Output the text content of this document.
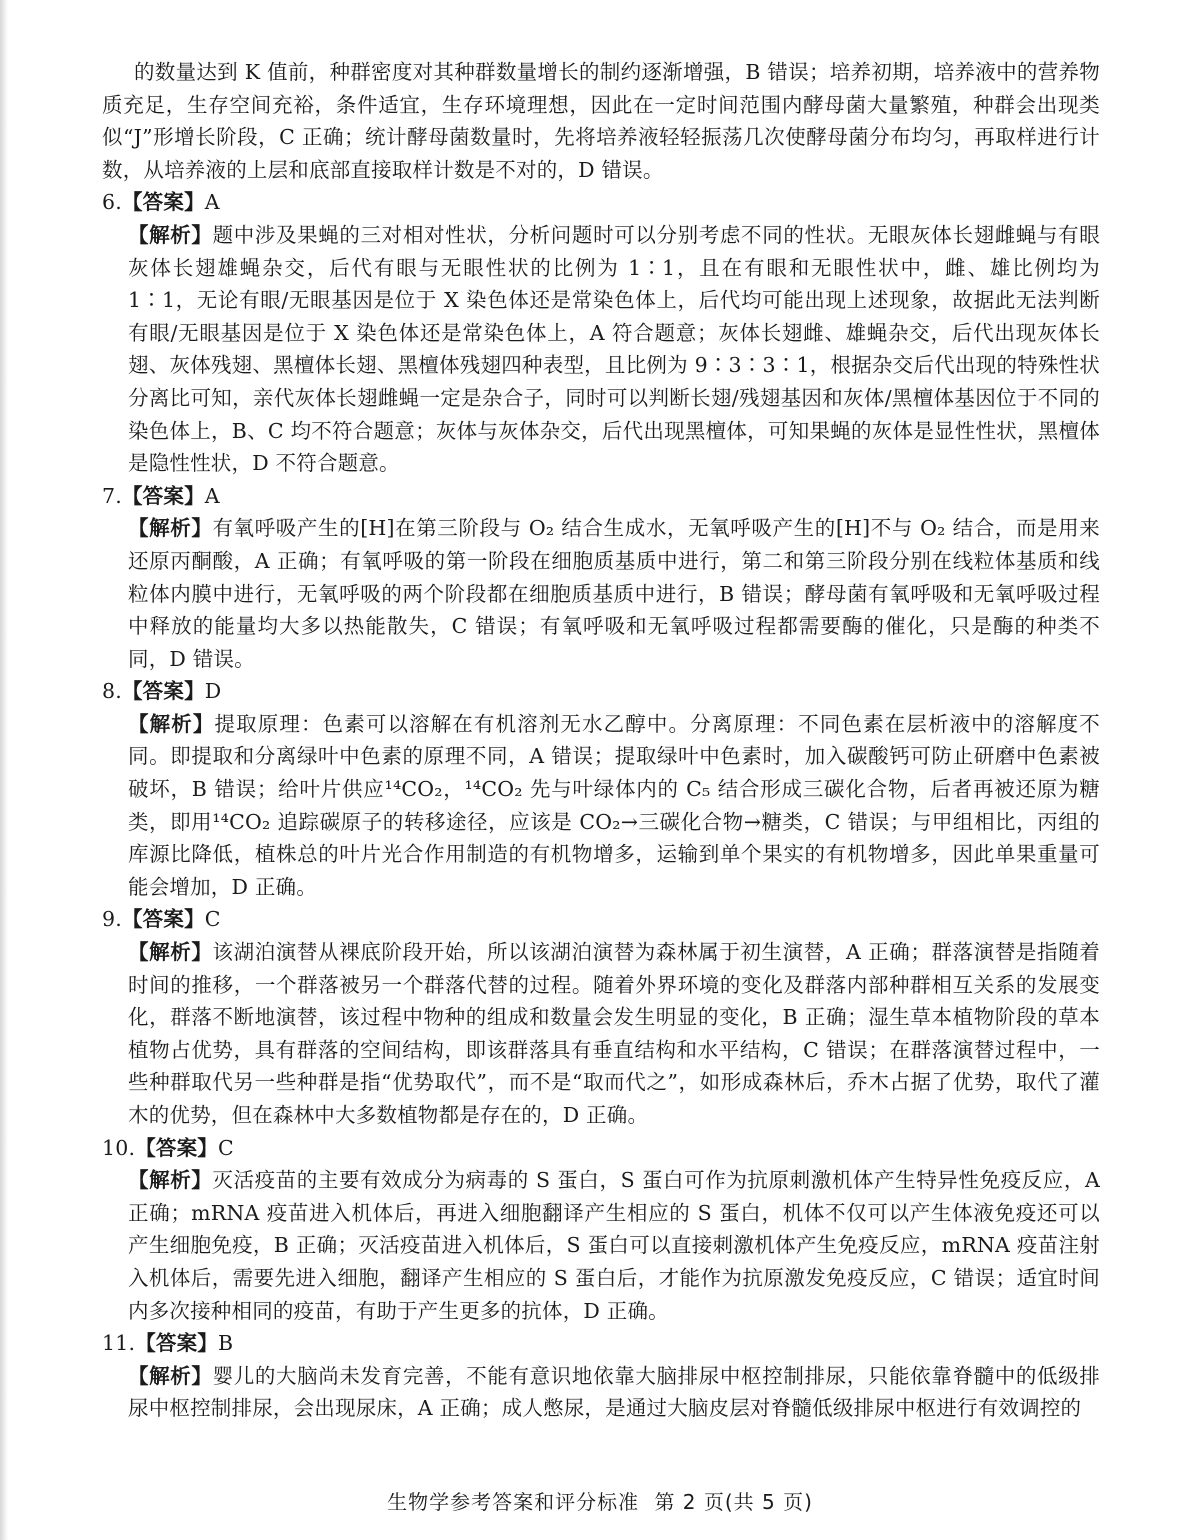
的数量达到 K 值前，种群密度对其种群数量增长的制约逐渐增强，B 错误；培养初期，培养液中的营养物质充足，生存空间充裕，条件适宜，生存环境理想，因此在一定时间范围内酵母菌大量繁殖，种群会出现类似“J”形增长阶段，C 正确；统计酵母菌数量时，先将培养液轻轻振荡几次使酵母菌分布均匀，再取样进行计数，从培养液的上层和底部直接取样计数是不对的，D 错误。

6.【答案】A

【解析】题中涉及果蝇的三对相对性状，分析问题时可以分别考虑不同的性状。无眼灰体长翅雌蝇与有眼灰体长翅雄蝇杂交，后代有眼与无眼性状的比例为 1∶1，且在有眼和无眼性状中，雌、雄比例均为 1∶1，无论有眼/无眼基因是位于 X 染色体还是常染色体上，后代均可能出现上述现象，故据此无法判断有眼/无眼基因是位于 X 染色体还是常染色体上，A 符合题意；灰体长翅雌、雄蝇杂交，后代出现灰体长翅、灰体残翅、黑檀体长翅、黑檀体残翅四种表型，且比例为 9∶3∶3∶1，根据杂交后代出现的特殊性状分离比可知，亲代灰体长翅雌蝇一定是杂合子，同时可以判断长翅/残翅基因和灰体/黑檀体基因位于不同的染色体上，B、C 均不符合题意；灰体与灰体杂交，后代出现黑檀体，可知果蝇的灰体是显性性状，黑檀体是隐性性状，D 不符合题意。

7.【答案】A

【解析】有氧呼吸产生的[H]在第三阶段与 O₂ 结合生成水，无氧呼吸产生的[H]不与 O₂ 结合，而是用来还原丙酮酸，A 正确；有氧呼吸的第一阶段在细胞质基质中进行，第二和第三阶段分别在线粒体基质和线粒体内膜中进行，无氧呼吸的两个阶段都在细胞质基质中进行，B 错误；酵母菌有氧呼吸和无氧呼吸过程中释放的能量均大多以热能散失，C 错误；有氧呼吸和无氧呼吸过程都需要酶的催化，只是酶的种类不同，D 错误。

8.【答案】D

【解析】提取原理：色素可以溶解在有机溶剂无水乙醇中。分离原理：不同色素在层析液中的溶解度不同。即提取和分离绿叶中色素的原理不同，A 错误；提取绿叶中色素时，加入碳酸钙可防止研磨中色素被破坏，B 错误；给叶片供应¹⁴CO₂，¹⁴CO₂ 先与叶绿体内的 C₅ 结合形成三碳化合物，后者再被还原为糖类，即用¹⁴CO₂ 追踪碳原子的转移途径，应该是 CO₂→三碳化合物→糖类，C 错误；与甲组相比，丙组的库源比降低，植株总的叶片光合作用制造的有机物增多，运输到单个果实的有机物增多，因此单果重量可能会增加，D 正确。

9.【答案】C

【解析】该湖泊演替从裸底阶段开始，所以该湖泊演替为森林属于初生演替，A 正确；群落演替是指随着时间的推移，一个群落被另一个群落代替的过程。随着外界环境的变化及群落内部种群相互关系的发展变化，群落不断地演替，该过程中物种的组成和数量会发生明显的变化，B 正确；湿生草本植物阶段的草本植物占优势，具有群落的空间结构，即该群落具有垂直结构和水平结构，C 错误；在群落演替过程中，一些种群取代另一些种群是指“优势取代”，而不是“取而代之”，如形成森林后，乔木占据了优势，取代了灌木的优势，但在森林中大多数植物都是存在的，D 正确。

10.【答案】C

【解析】灭活疫苗的主要有效成分为病毒的 S 蛋白，S 蛋白可作为抗原刺激机体产生特异性免疫反应，A 正确；mRNA 疫苗进入机体后，再进入细胞翻译产生相应的 S 蛋白，机体不仅可以产生体液免疫还可以产生细胞免疫，B 正确；灭活疫苗进入机体后，S 蛋白可以直接刺激机体产生免疫反应，mRNA 疫苗注射入机体后，需要先进入细胞，翻译产生相应的 S 蛋白后，才能作为抗原激发免疫反应，C 错误；适宜时间内多次接种相同的疫苗，有助于产生更多的抗体，D 正确。

11.【答案】B

【解析】婴儿的大脑尚未发育完善，不能有意识地依靠大脑排尿中枢控制排尿，只能依靠脊髓中的低级排尿中枢控制排尿，会出现尿床，A 正确；成人憋尿，是通过大脑皮层对脊髓低级排尿中枢进行有效调控的

生物学参考答案和评分标准 第 2 页(共 5 页)
